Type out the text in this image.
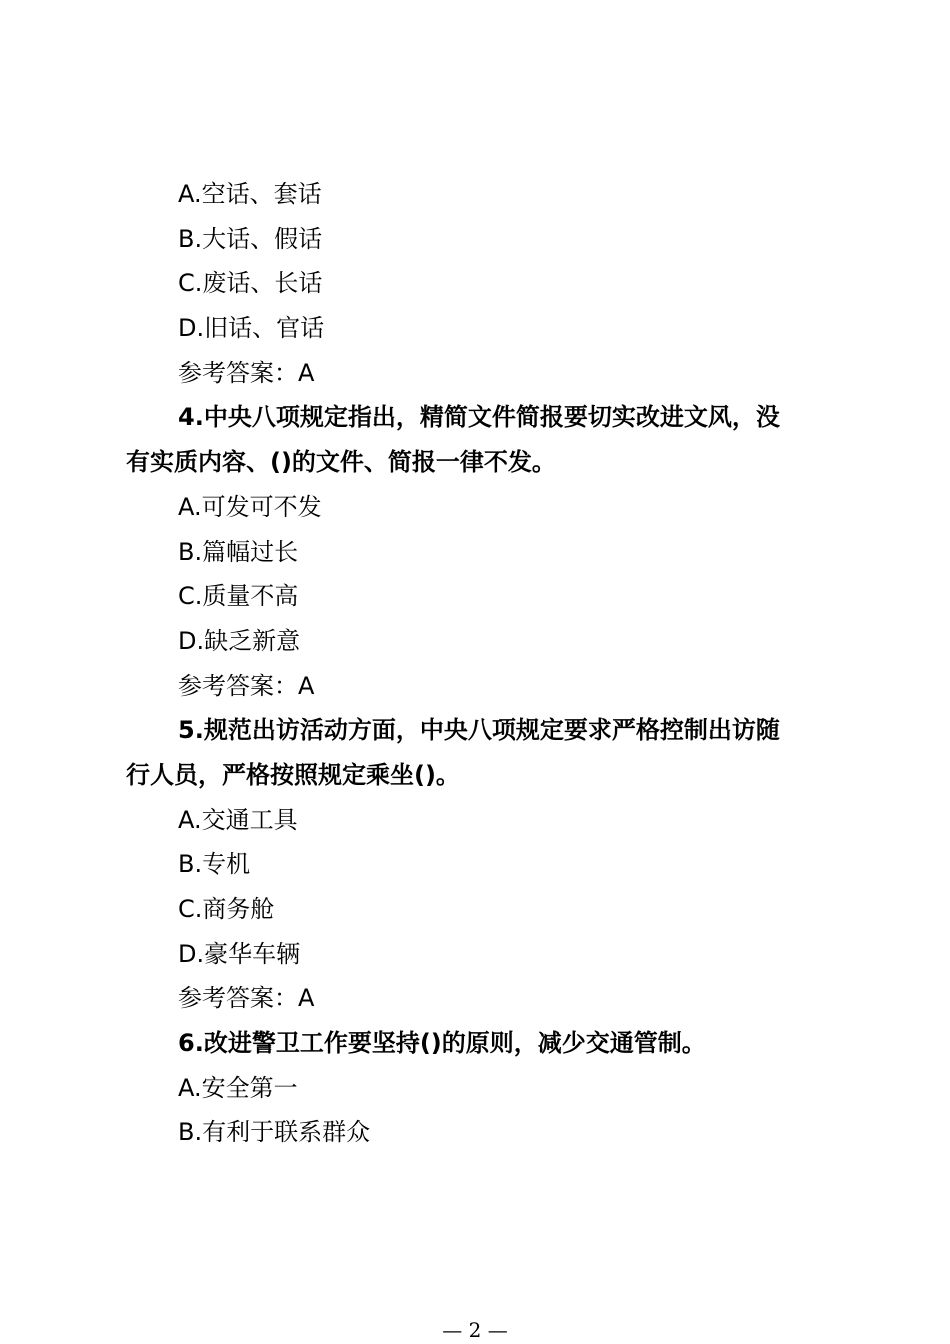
A.空话、套话
B.大话、假话
C.废话、长话
D.旧话、官话
参考答案：A
4.中央八项规定指出，精简文件简报要切实改进文风，没
有实质内容、()的文件、简报一律不发。
A.可发可不发
B.篇幅过长
C.质量不高
D.缺乏新意
参考答案：A
5.规范出访活动方面，中央八项规定要求严格控制出访随
行人员，严格按照规定乘坐()。
A.交通工具
B.专机
C.商务舱
D.豪华车辆
参考答案：A
6.改进警卫工作要坚持()的原则，减少交通管制。
A.安全第一
B.有利于联系群众
— 2 —
